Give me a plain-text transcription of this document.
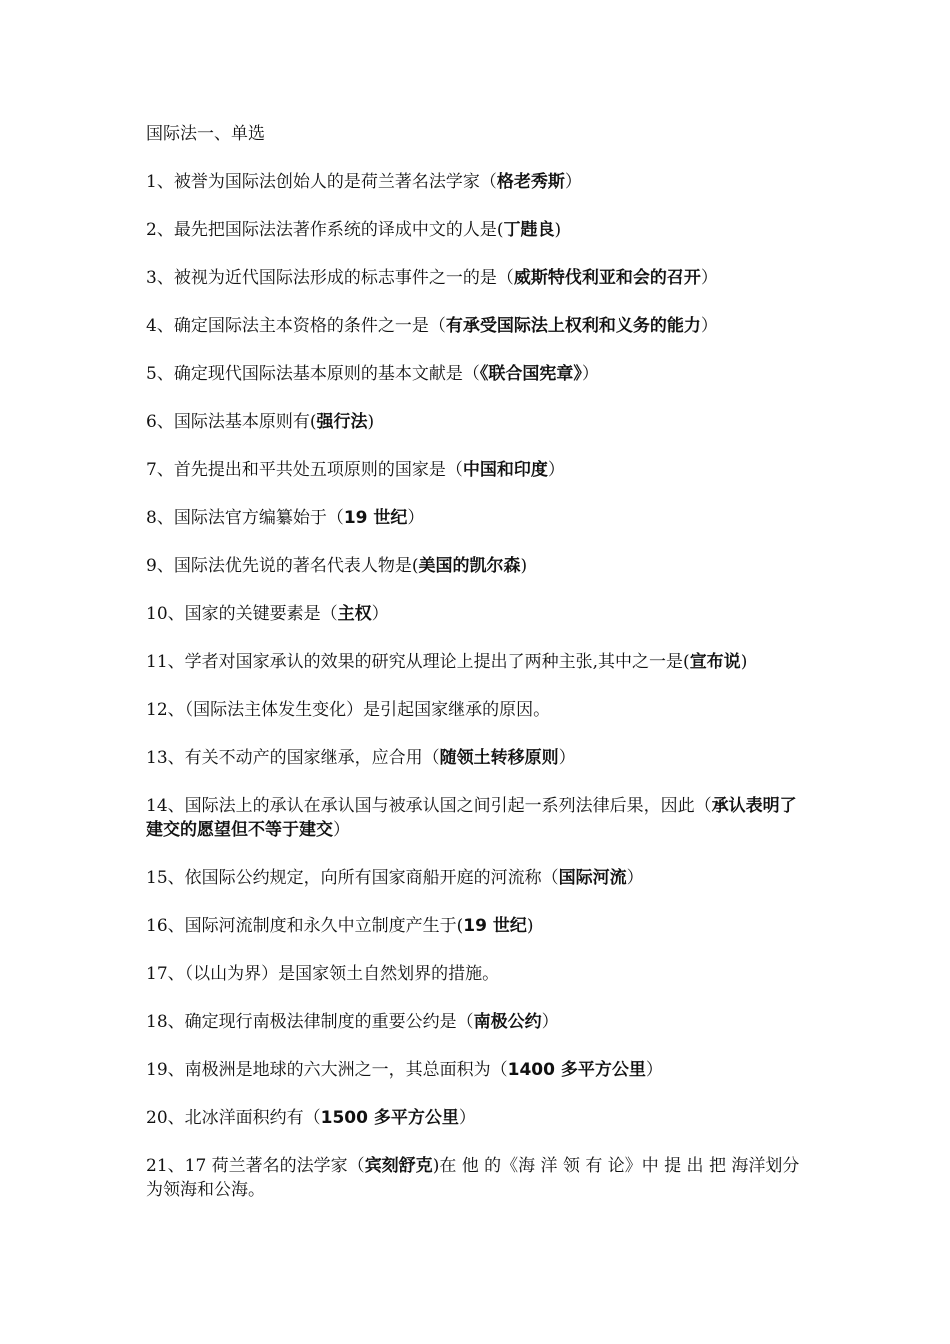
国际法一、单选
1、被誉为国际法创始人的是荷兰著名法学家（格老秀斯）
2、最先把国际法法著作系统的译成中文的人是(丁韪良)
3、被视为近代国际法形成的标志事件之一的是（威斯特伐利亚和会的召开）
4、确定国际法主本资格的条件之一是（有承受国际法上权利和义务的能力）
5、确定现代国际法基本原则的基本文献是（《联合国宪章》）
6、国际法基本原则有(强行法)
7、首先提出和平共处五项原则的国家是（中国和印度）
8、国际法官方编纂始于（19 世纪）
9、国际法优先说的著名代表人物是(美国的凯尔森)
10、国家的关键要素是（主权）
11、学者对国家承认的效果的研究从理论上提出了两种主张,其中之一是(宣布说)
12、（国际法主体发生变化）是引起国家继承的原因。
13、有关不动产的国家继承，应合用（随领土转移原则）
14、国际法上的承认在承认国与被承认国之间引起一系列法律后果，因此（承认表明了建交的愿望但不等于建交）
15、依国际公约规定，向所有国家商船开庭的河流称（国际河流）
16、国际河流制度和永久中立制度产生于(19 世纪)
17、（以山为界）是国家领土自然划界的措施。
18、确定现行南极法律制度的重要公约是（南极公约）
19、南极洲是地球的六大洲之一，其总面积为（1400 多平方公里）
20、北冰洋面积约有（1500 多平方公里）
21、17 荷兰著名的法学家（宾刻舒克)在 他 的《海 洋 领 有 论》中 提 出 把 海洋划分为领海和公海。
